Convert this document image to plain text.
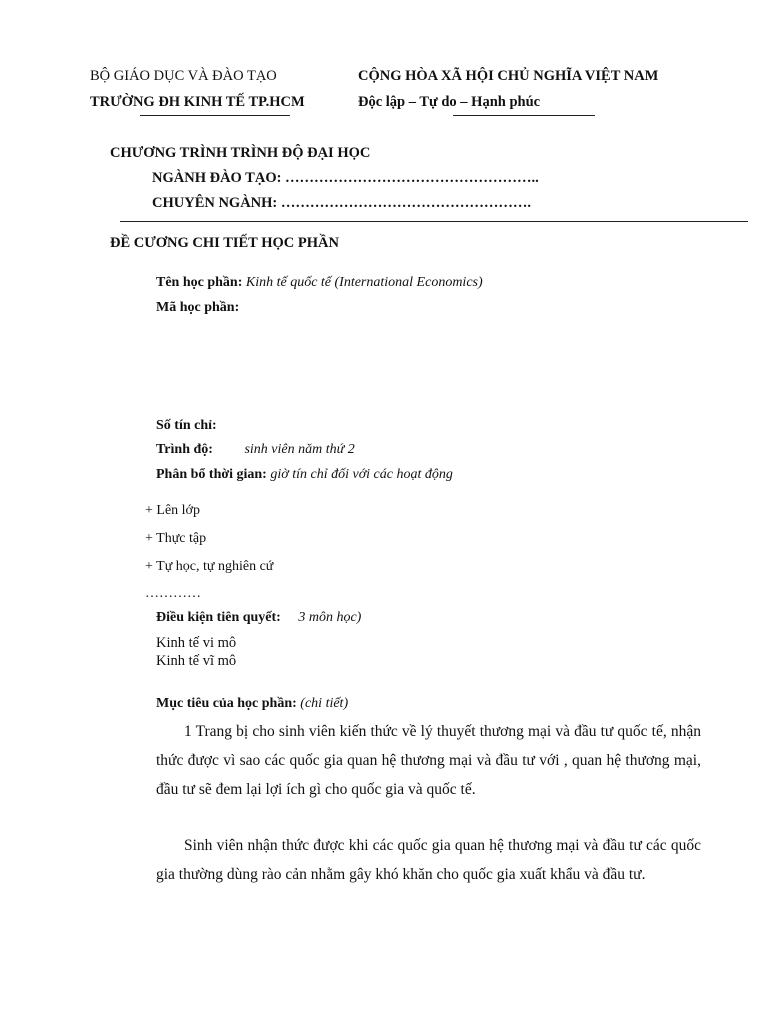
BỘ GIÁO DỤC VÀ ĐÀO TẠO
TRƯỜNG ĐH KINH TẾ TP.HCM
CỘNG HÒA XÃ HỘI CHỦ NGHĨA VIỆT NAM
Độc lập – Tự do – Hạnh phúc
CHƯƠNG TRÌNH TRÌNH ĐỘ ĐẠI HỌC
NGÀNH ĐÀO TẠO: ……………………………………………..
CHUYÊN NGÀNH: …………………………………………….
ĐỀ CƯƠNG CHI TIẾT HỌC PHẦN
Tên học phần: Kinh tế quốc tế (International Economics)
Mã học phần:
Số tín chỉ:
Trình độ: sinh viên năm thứ 2
Phân bổ thời gian: giờ tín chỉ đối với các hoạt động
+ Lên lớp
+ Thực tập
+ Tự học, tự nghiên cứ
…………
Điều kiện tiên quyết: 3 môn học)
Kinh tế vi mô
Kinh tế vĩ mô
Mục tiêu của học phần: (chi tiết)
1 Trang bị cho sinh viên kiến thức về lý thuyết thương mại và đầu tư quốc tế, nhận thức được vì sao các quốc gia quan hệ thương mại và đầu tư với , quan hệ thương mại, đầu tư sẽ đem lại lợi ích gì cho quốc gia và quốc tế.
Sinh viên nhận thức được khi các quốc gia quan hệ thương mại và đầu tư các quốc gia thường dùng rào cản nhằm gây khó khăn cho quốc gia xuất khẩu và đầu tư.
